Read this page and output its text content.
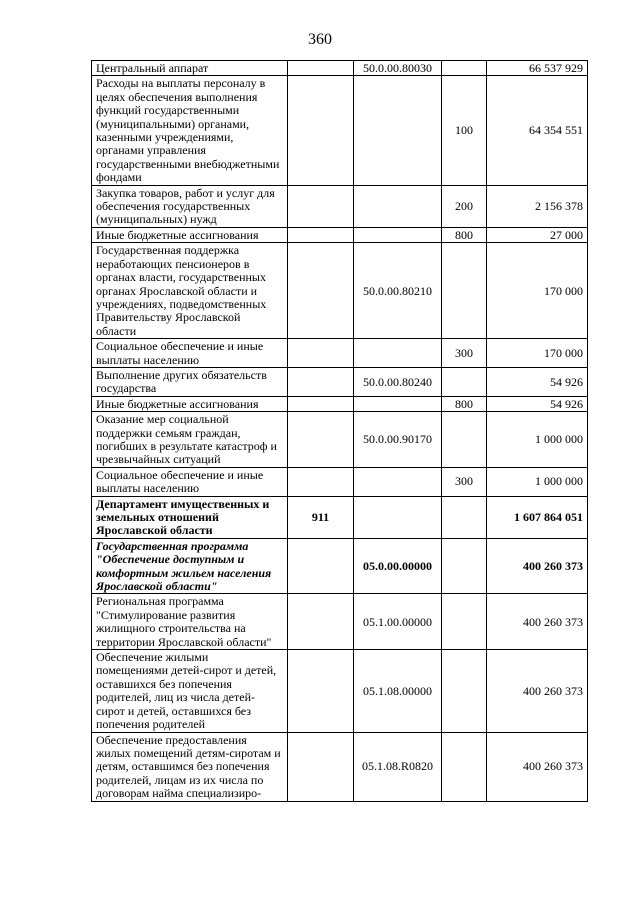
360
Центральный аппарат		50.0.00.80030		66 537 929
Расходы на выплаты персоналу в целях обеспечения выполнения функций государственными (муниципальными) органами, казенными учреждениями, органами управления государственными внебюджетными фондами			100	64 354 551
Закупка товаров, работ и услуг для обеспечения государственных (муниципальных) нужд			200	2 156 378
Иные бюджетные ассигнования			800	27 000
Государственная поддержка неработающих пенсионеров в органах власти, государственных органах Ярославской области и учреждениях, подведомственных Правительству Ярославской области		50.0.00.80210		170 000
Социальное обеспечение и иные выплаты населению			300	170 000
Выполнение других обязательств государства		50.0.00.80240		54 926
Иные бюджетные ассигнования			800	54 926
Оказание мер социальной поддержки семьям граждан, погибших в результате катастроф и чрезвычайных ситуаций		50.0.00.90170		1 000 000
Социальное обеспечение и иные выплаты населению			300	1 000 000
Департамент имущественных и земельных отношений Ярославской области	911			1 607 864 051
Государственная программа "Обеспечение доступным и комфортным жильем населения Ярославской области"		05.0.00.00000		400 260 373
Региональная программа "Стимулирование развития жилищного строительства на территории Ярославской области"		05.1.00.00000		400 260 373
Обеспечение жилыми помещениями детей-сирот и детей, оставшихся без попечения родителей, лиц из числа детей-сирот и детей, оставшихся без попечения родителей		05.1.08.00000		400 260 373
Обеспечение предоставления жилых помещений детям-сиротам и детям, оставшимся без попечения родителей, лицам из их числа по договорам найма специализиро-		05.1.08.R0820		400 260 373
